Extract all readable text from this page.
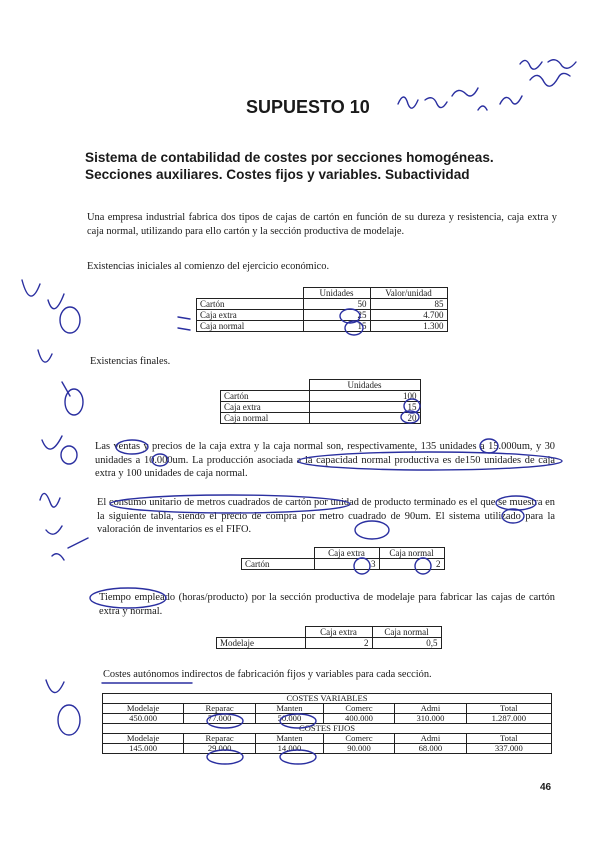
SUPUESTO 10
Sistema de contabilidad de costes por secciones homogéneas. Secciones auxiliares. Costes fijos y variables. Subactividad
Una empresa industrial fabrica dos tipos de cajas de cartón en función de su dureza y resistencia, caja extra y caja normal, utilizando para ello cartón y la sección productiva de modelaje.
Existencias iniciales al comienzo del ejercicio económico.
	Unidades	Valor/unidad
Cartón	50	85
Caja extra	25	4.700
Caja normal	15	1.300
Existencias finales.
	Unidades
Cartón	100
Caja extra	15
Caja normal	20
Las ventas y precios de la caja extra y la caja normal son, respectivamente, 135 unidades a 15.000um, y 30 unidades a 10.000um. La producción asociada a la capacidad normal productiva es de150 unidades de caja extra y 100 unidades de caja normal.
El consumo unitario de metros cuadrados de cartón por unidad de producto terminado es el que se muestra en la siguiente tabla, siendo el precio de compra por metro cuadrado de 90um. El sistema utilizado para la valoración de inventarios es el FIFO.
	Caja extra	Caja normal
Cartón	3	2
Tiempo empleado (horas/producto) por la sección productiva de modelaje para fabricar las cajas de cartón extra y normal.
	Caja extra	Caja normal
Modelaje	2	0,5
Costes autónomos indirectos de fabricación fijos y variables para cada sección.
COSTES VARIABLES					
Modelaje	Reparac	Manten	Comerc	Admi	Total
450.000	77.000	50.000	400.000	310.000	1.287.000
COSTES FIJOS					
Modelaje	Reparac	Manten	Comerc	Admi	Total
145.000	29.000	14.000	90.000	68.000	337.000
46
